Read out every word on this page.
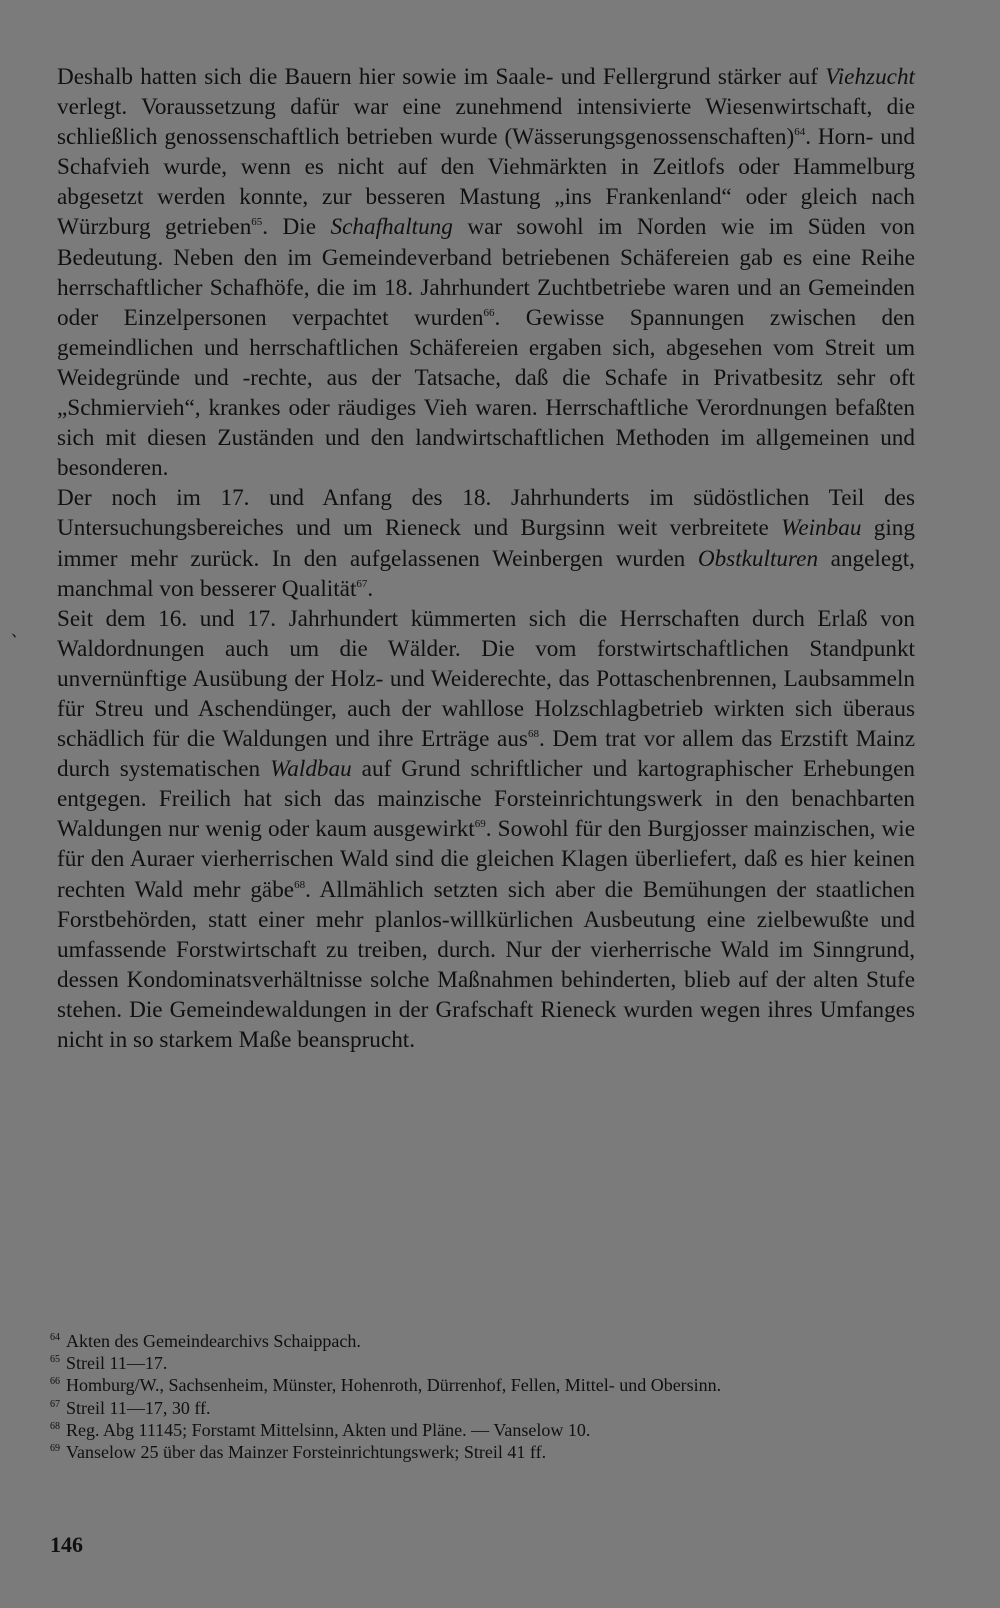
Deshalb hatten sich die Bauern hier sowie im Saale- und Fellergrund stärker auf Viehzucht verlegt. Voraussetzung dafür war eine zunehmend intensivierte Wiesenwirtschaft, die schließlich genossenschaftlich betrieben wurde (Wässerungsgenossenschaften)$^{64}$. Horn- und Schafvieh wurde, wenn es nicht auf den Viehmärkten in Zeitlofs oder Hammelburg abgesetzt werden konnte, zur besseren Mastung „ins Frankenland“ oder gleich nach Würzburg getrieben$^{65}$. Die Schafhaltung war sowohl im Norden wie im Süden von Bedeutung. Neben den im Gemeindeverband betriebenen Schäfereien gab es eine Reihe herrschaftlicher Schafhöfe, die im 18. Jahrhundert Zuchtbetriebe waren und an Gemeinden oder Einzelpersonen verpachtet wurden$^{66}$. Gewisse Spannungen zwischen den gemeindlichen und herrschaftlichen Schäfereien ergaben sich, abgesehen vom Streit um Weidegründe und -rechte, aus der Tatsache, daß die Schafe in Privatbesitz sehr oft „Schmiervieh“, krankes oder räudiges Vieh waren. Herrschaftliche Verordnungen befaßten sich mit diesen Zuständen und den landwirtschaftlichen Methoden im allgemeinen und besonderen.

Der noch im 17. und Anfang des 18. Jahrhunderts im südöstlichen Teil des Untersuchungsbereiches und um Rieneck und Burgsinn weit verbreitete Weinbau ging immer mehr zurück. In den aufgelassenen Weinbergen wurden Obstkulturen angelegt, manchmal von besserer Qualität$^{67}$.

Seit dem 16. und 17. Jahrhundert kümmerten sich die Herrschaften durch Erlaß von Waldordnungen auch um die Wälder. Die vom forstwirtschaftlichen Standpunkt unvernünftige Ausübung der Holz- und Weiderechte, das Pottaschenbrennen, Laubsammeln für Streu und Aschendünger, auch der wahllose Holzschlagbetrieb wirkten sich überaus schädlich für die Waldungen und ihre Erträge aus$^{68}$. Dem trat vor allem das Erzstift Mainz durch systematischen Waldbau auf Grund schriftlicher und kartographischer Erhebungen entgegen. Freilich hat sich das mainzische Forsteinrichtungswerk in den benachbarten Waldungen nur wenig oder kaum ausgewirkt$^{69}$. Sowohl für den Burgjosser mainzischen, wie für den Auraer vierherrischen Wald sind die gleichen Klagen überliefert, daß es hier keinen rechten Wald mehr gäbe$^{68}$. Allmählich setzten sich aber die Bemühungen der staatlichen Forstbehörden, statt einer mehr planlos-willkürlichen Ausbeutung eine zielbewußte und umfassende Forstwirtschaft zu treiben, durch. Nur der vierherrische Wald im Sinngrund, dessen Kondominatsverhältnisse solche Maßnahmen behinderten, blieb auf der alten Stufe stehen. Die Gemeindewaldungen in der Grafschaft Rieneck wurden wegen ihres Umfanges nicht in so starkem Maße beansprucht.

、

$^{64}$ Akten des Gemeindearchivs Schaippach.

$^{65}$ Streil 11—17.

$^{66}$ Homburg/W., Sachsenheim, Münster, Hohenroth, Dürrenhof, Fellen, Mittel- und Obersinn.

$^{67}$ Streil 11—17, 30 ff.

$^{68}$ Reg. Abg 11145; Forstamt Mittelsinn, Akten und Pläne. — Vanselow 10.

$^{69}$ Vanselow 25 über das Mainzer Forsteinrichtungswerk; Streil 41 ff.

146
